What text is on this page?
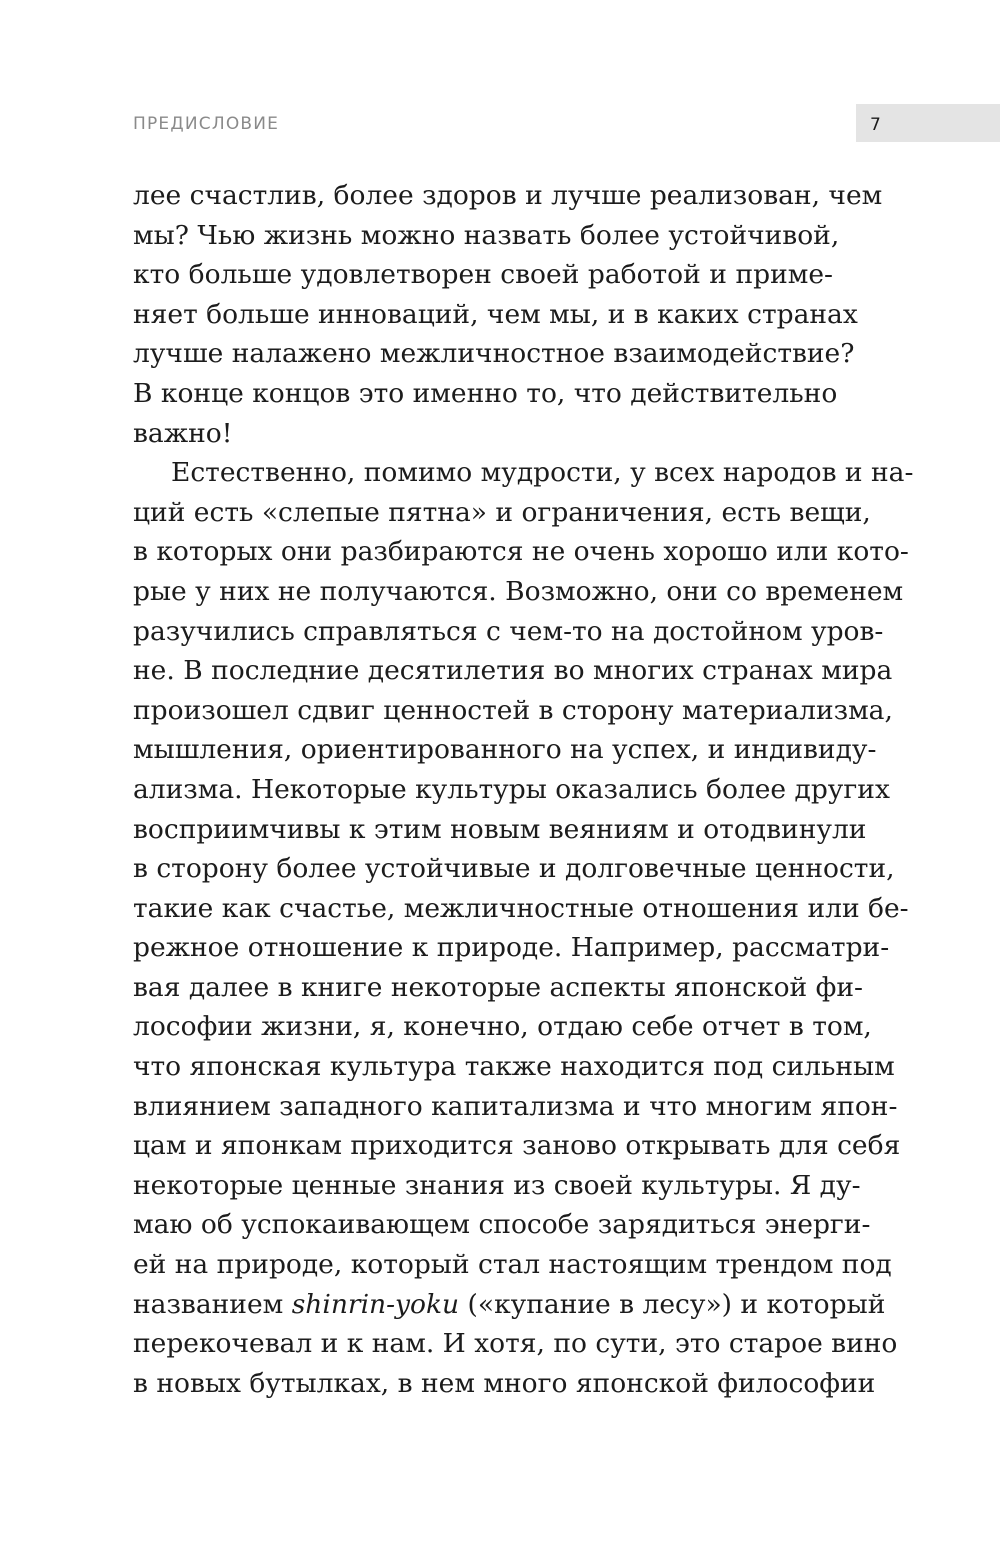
ПРЕДИСЛОВИЕ	7
лее счастлив, более здоров и лучше реализован, чем
мы? Чью жизнь можно назвать более устойчивой,
кто больше удовлетворен своей работой и приме-
няет больше инноваций, чем мы, и в каких странах
лучше налажено межличностное взаимодействие?
В конце концов это именно то, что действительно
важно!
Естественно, помимо мудрости, у всех народов и на-
ций есть «слепые пятна» и ограничения, есть вещи,
в которых они разбираются не очень хорошо или кото-
рые у них не получаются. Возможно, они со временем
разучились справляться с чем-то на достойном уров-
не. В последние десятилетия во многих странах мира
произошел сдвиг ценностей в сторону материализма,
мышления, ориентированного на успех, и индивиду-
ализма. Некоторые культуры оказались более других
восприимчивы к этим новым веяниям и отодвинули
в сторону более устойчивые и долговечные ценности,
такие как счастье, межличностные отношения или бе-
режное отношение к природе. Например, рассматри-
вая далее в книге некоторые аспекты японской фи-
лософии жизни, я, конечно, отдаю себе отчет в том,
что японская культура также находится под сильным
влиянием западного капитализма и что многим япон-
цам и японкам приходится заново открывать для себя
некоторые ценные знания из своей культуры. Я ду-
маю об успокаивающем способе зарядиться энерги-
ей на природе, который стал настоящим трендом под
названием shinrin-yoku («купание в лесу») и который
перекочевал и к нам. И хотя, по сути, это старое вино
в новых бутылках, в нем много японской философии
